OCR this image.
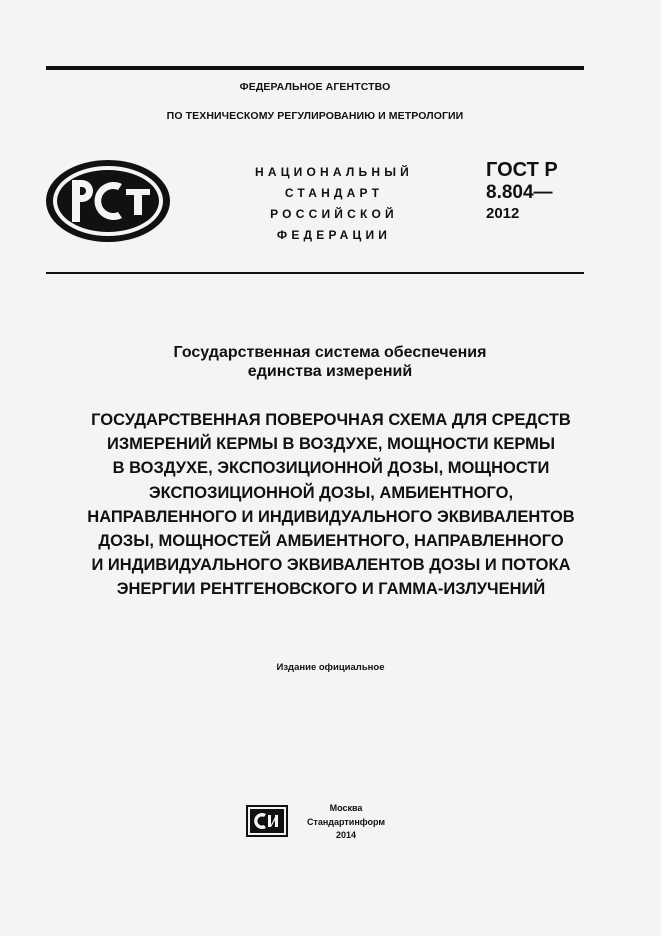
ФЕДЕРАЛЬНОЕ АГЕНТСТВО
ПО ТЕХНИЧЕСКОМУ РЕГУЛИРОВАНИЮ И МЕТРОЛОГИИ
НАЦИОНАЛЬНЫЙ
СТАНДАРТ
РОССИЙСКОЙ
ФЕДЕРАЦИИ
ГОСТ Р
8.804—
2012
Государственная система обеспечения
единства измерений
ГОСУДАРСТВЕННАЯ ПОВЕРОЧНАЯ СХЕМА ДЛЯ СРЕДСТВ
ИЗМЕРЕНИЙ КЕРМЫ В ВОЗДУХЕ, МОЩНОСТИ КЕРМЫ
В ВОЗДУХЕ, ЭКСПОЗИЦИОННОЙ ДОЗЫ, МОЩНОСТИ
ЭКСПОЗИЦИОННОЙ ДОЗЫ, АМБИЕНТНОГО,
НАПРАВЛЕННОГО И ИНДИВИДУАЛЬНОГО ЭКВИВАЛЕНТОВ
ДОЗЫ, МОЩНОСТЕЙ АМБИЕНТНОГО, НАПРАВЛЕННОГО
И ИНДИВИДУАЛЬНОГО ЭКВИВАЛЕНТОВ ДОЗЫ И ПОТОКА
ЭНЕРГИИ РЕНТГЕНОВСКОГО И ГАММА-ИЗЛУЧЕНИЙ
Издание официальное
Москва
Стандартинформ
2014
